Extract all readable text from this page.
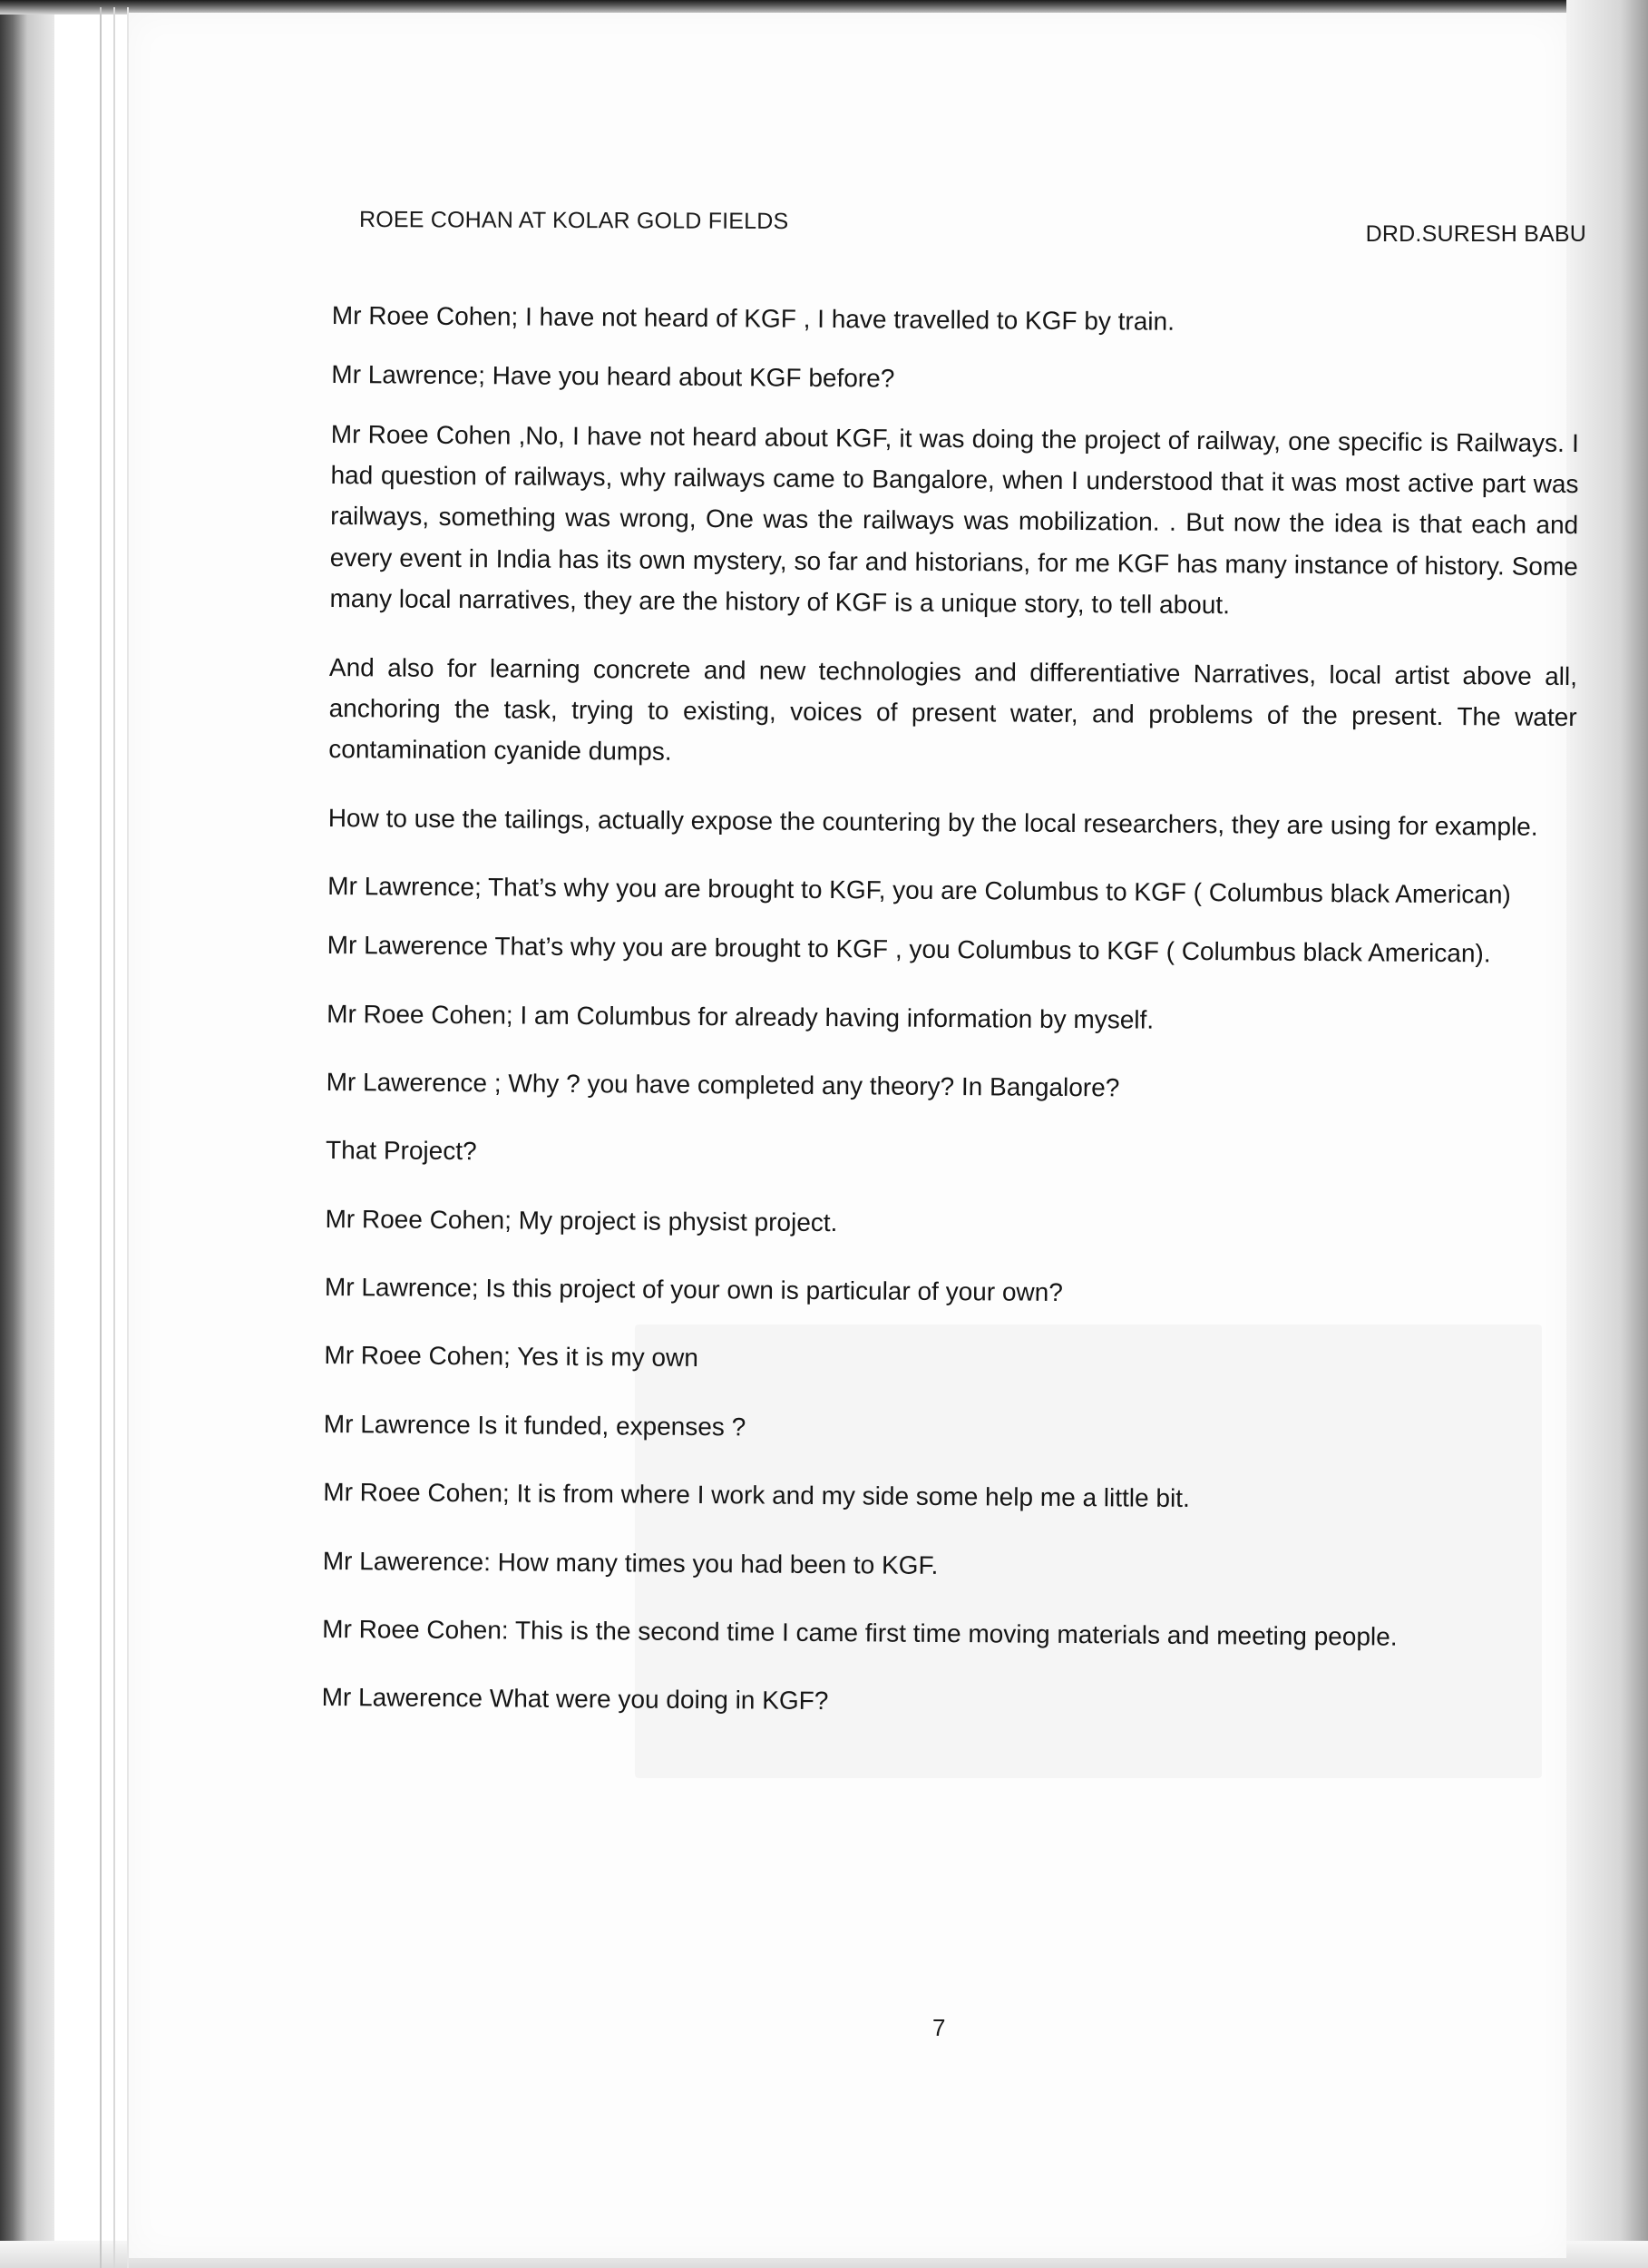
ROEE COHAN AT KOLAR GOLD FIELDS	DRD.SURESH BABU

Mr Roee Cohen; I have not heard of KGF , I have travelled to KGF by train.

Mr Lawrence; Have you heard about KGF before?

Mr Roee Cohen ,No, I have not heard about KGF, it was doing the project of railway, one specific is Railways. I had question of railways, why railways came to Bangalore, when I understood that it was most active part was railways, something was wrong, One was the railways was mobilization. . But now the idea is that each and every event in India has its own mystery, so far and historians, for me KGF has many instance of history. Some many local narratives, they are the history of KGF is a unique story, to tell about.

And also for learning concrete and new technologies and differentiative Narratives, local artist above all, anchoring the task, trying to existing, voices of present water, and problems of the present. The water contamination cyanide dumps.

How to use the tailings, actually expose the countering by the local researchers, they are using for example.

Mr Lawrence; That’s why you are brought to KGF, you are Columbus to KGF ( Columbus black American)

Mr Lawerence That’s why you are brought to KGF , you Columbus to KGF ( Columbus black American).

Mr Roee Cohen; I am Columbus for already having information by myself.

Mr Lawerence ; Why ? you have completed any theory? In Bangalore?

That Project?

Mr Roee Cohen; My project is physist project.

Mr Lawrence; Is this project of your own is particular of your own?

Mr Roee Cohen; Yes it is my own

Mr Lawrence Is it funded, expenses ?

Mr Roee Cohen; It is from where I work and my side some help me a little bit.

Mr Lawerence: How many times you had been to KGF.

Mr Roee Cohen: This is the second time I came first time moving materials and meeting people.

Mr Lawerence What were you doing in KGF?

7
